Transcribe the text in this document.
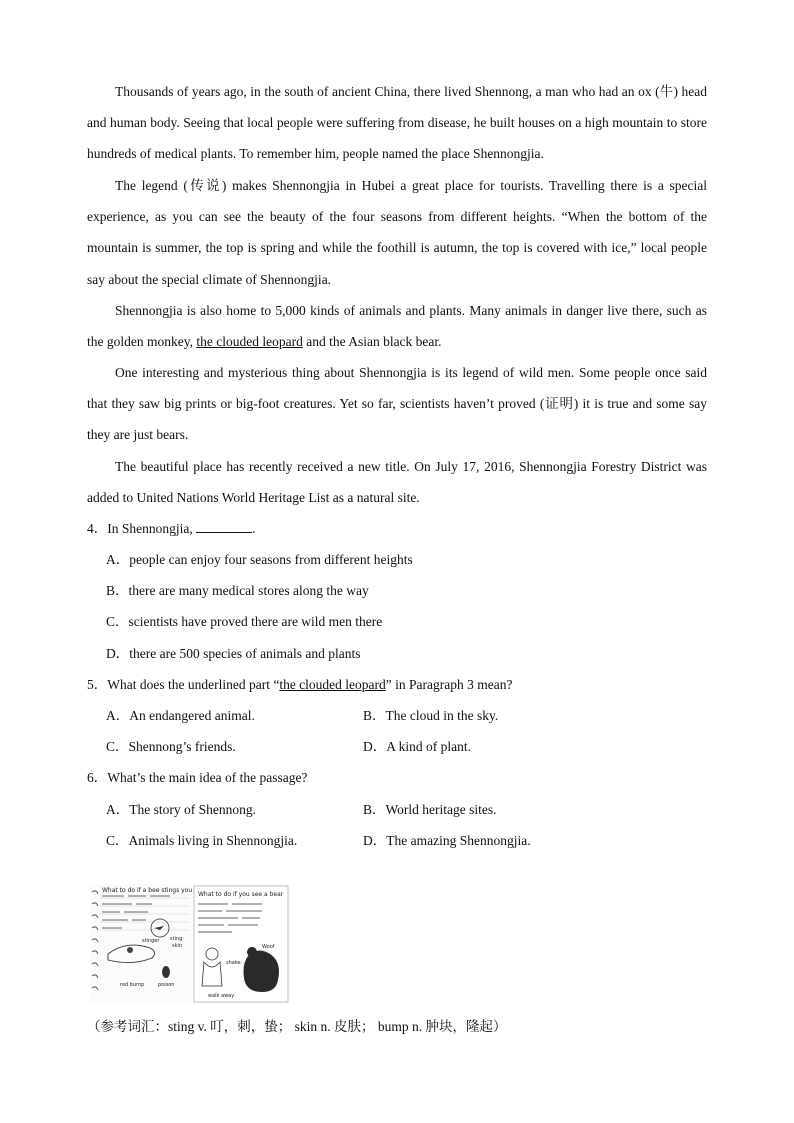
Thousands of years ago, in the south of ancient China, there lived Shennong, a man who had an ox (牛) head and human body. Seeing that local people were suffering from disease, he built houses on a high mountain to store hundreds of medical plants. To remember him, people named the place Shennongjia.

The legend (传说) makes Shennongjia in Hubei a great place for tourists. Travelling there is a special experience, as you can see the beauty of the four seasons from different heights. “When the bottom of the mountain is summer, the top is spring and while the foothill is autumn, the top is covered with ice,” local people say about the special climate of Shennongjia.

Shennongjia is also home to 5,000 kinds of animals and plants. Many animals in danger live there, such as the golden monkey, the clouded leopard and the Asian black bear.

One interesting and mysterious thing about Shennongjia is its legend of wild men. Some people once said that they saw big prints or big-foot creatures. Yet so far, scientists haven’t proved (证明) it is true and some say they are just bears.

The beautiful place has recently received a new title. On July 17, 2016, Shennongjia Forestry District was added to United Nations World Heritage List as a natural site.

4．In Shennongjia,	.
A．people can enjoy four seasons from different heights
B．there are many medical stores along the way
C．scientists have proved there are wild men there
D．there are 500 species of animals and plants
5．What does the underlined part “the clouded leopard” in Paragraph 3 mean?
A．An endangered animal.	B．The cloud in the sky.
C．Shennong’s friends.	D．A kind of plant.
6．What’s the main idea of the passage?
A．The story of Shennong.	B．World heritage sites.
C．Animals living in Shennongjia.	D．The amazing Shennongjia.
What to do if a bee stings you
stinger sting
skin
red bump	poison
What to do if you see a bear
shake
walk away
Woof
（参考词汇：sting v. 叮，刺，蛰； skin n. 皮肤； bump n. 肿块，隆起）
